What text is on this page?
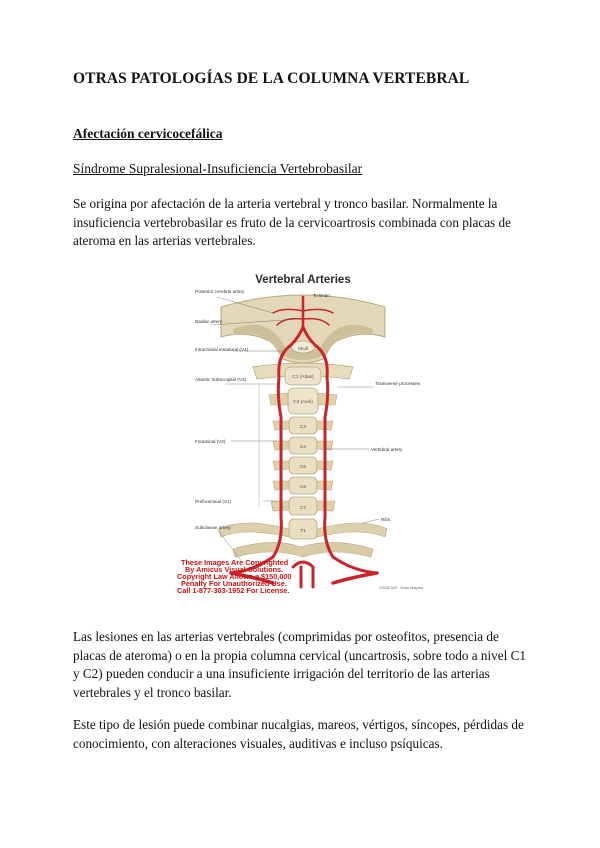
OTRAS PATOLOGÍAS DE LA COLUMNA VERTEBRAL
Afectación cervicocefálica
Síndrome Supralesional-Insuficiencia Vertebrobasilar

Se origina por afectación de la arteria vertebral y tronco basilar. Normalmente la insuficiencia vertebrobasilar es fruto de la cervicoartrosis combinada con placas de ateroma en las arterias vertebrales.

Vertebral Arteries
Skull
C1 (Atlas)
C2 (Axis)
C3
C4
C5
C6
C7
T1
To Brain
Posterior cerebral artery
Basilar artery
Intracranial intradural (V4)
Atlantic Suboccipital (V3)
Foraminal (V2)
Preforaminal (V1)
Subclavian artery
Transverse processes
Vertebral artery
Ribs
These Images Are Copyrighted
By Amicus Visual Solutions.
Copyright Law Allows a $150,000
Penalty For Unauthorized Use.
Call 1-877-303-1952 For License.	©2006 AVS · Draw Hospital

Las lesiones en las arterias vertebrales (comprimidas por osteofitos, presencia de placas de ateroma) o en la propia columna cervical (uncartrosis, sobre todo a nivel C1 y C2) pueden conducir a una insuficiente irrigación del territorio de las arterias vertebrales y el tronco basilar.

Este tipo de lesión puede combinar nucalgias, mareos, vértigos, síncopes, pérdidas de conocimiento, con alteraciones visuales, auditivas e incluso psíquicas.
